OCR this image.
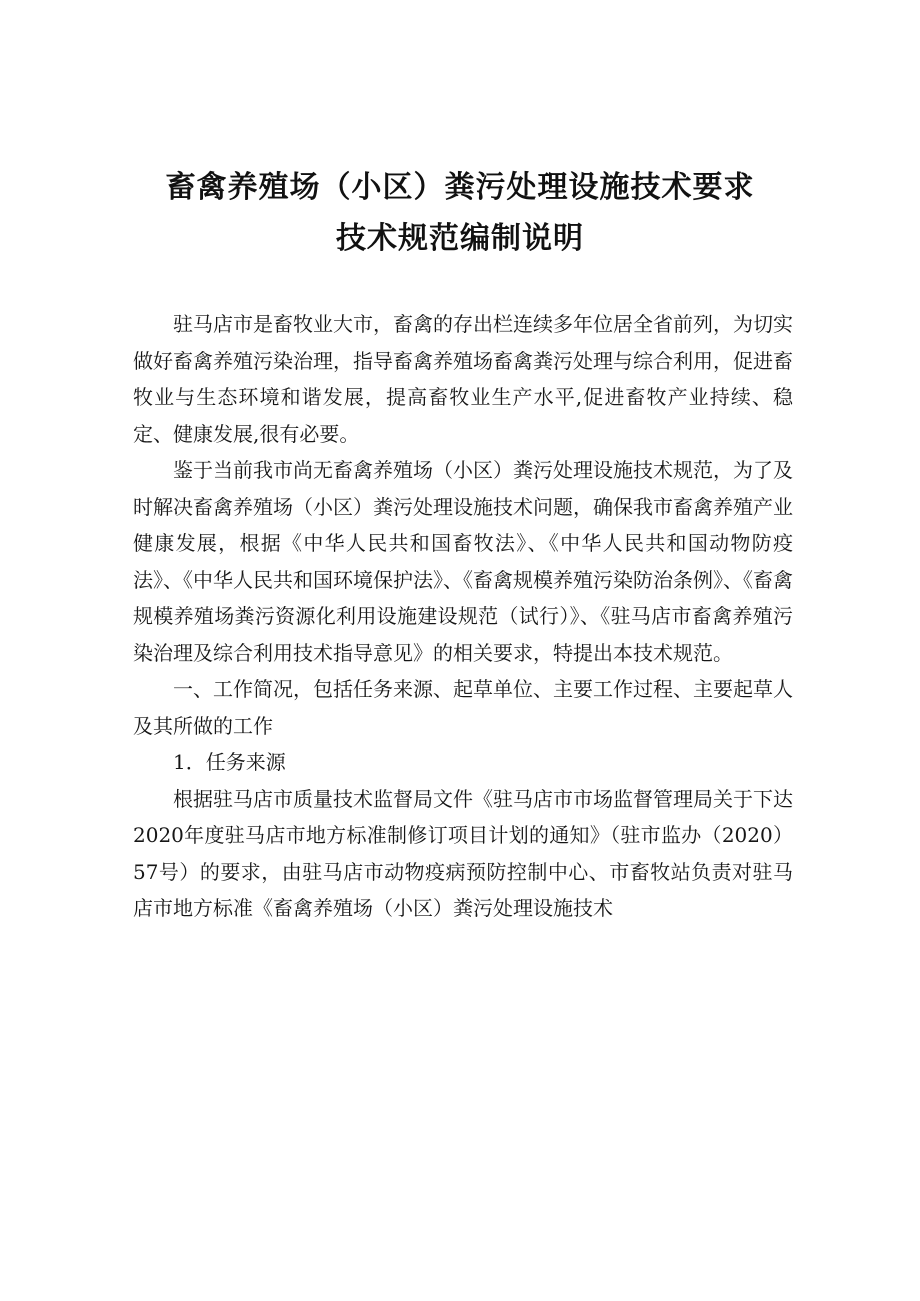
畜禽养殖场（小区）粪污处理设施技术要求
技术规范编制说明

驻马店市是畜牧业大市，畜禽的存出栏连续多年位居全省前列，为切实做好畜禽养殖污染治理，指导畜禽养殖场畜禽粪污处理与综合利用，促进畜牧业与生态环境和谐发展，提高畜牧业生产水平,促进畜牧产业持续、稳定、健康发展,很有必要。

鉴于当前我市尚无畜禽养殖场（小区）粪污处理设施技术规范，为了及时解决畜禽养殖场（小区）粪污处理设施技术问题，确保我市畜禽养殖产业健康发展，根据《中华人民共和国畜牧法》、《中华人民共和国动物防疫法》、《中华人民共和国环境保护法》、《畜禽规模养殖污染防治条例》、《畜禽规模养殖场粪污资源化利用设施建设规范（试行）》、《驻马店市畜禽养殖污染治理及综合利用技术指导意见》的相关要求，特提出本技术规范。

一、工作简况，包括任务来源、起草单位、主要工作过程、主要起草人及其所做的工作

1．任务来源

根据驻马店市质量技术监督局文件《驻马店市市场监督管理局关于下达2020年度驻马店市地方标准制修订项目计划的通知》（驻市监办（2020）57号）的要求，由驻马店市动物疫病预防控制中心、市畜牧站负责对驻马店市地方标准《畜禽养殖场（小区）粪污处理设施技术
